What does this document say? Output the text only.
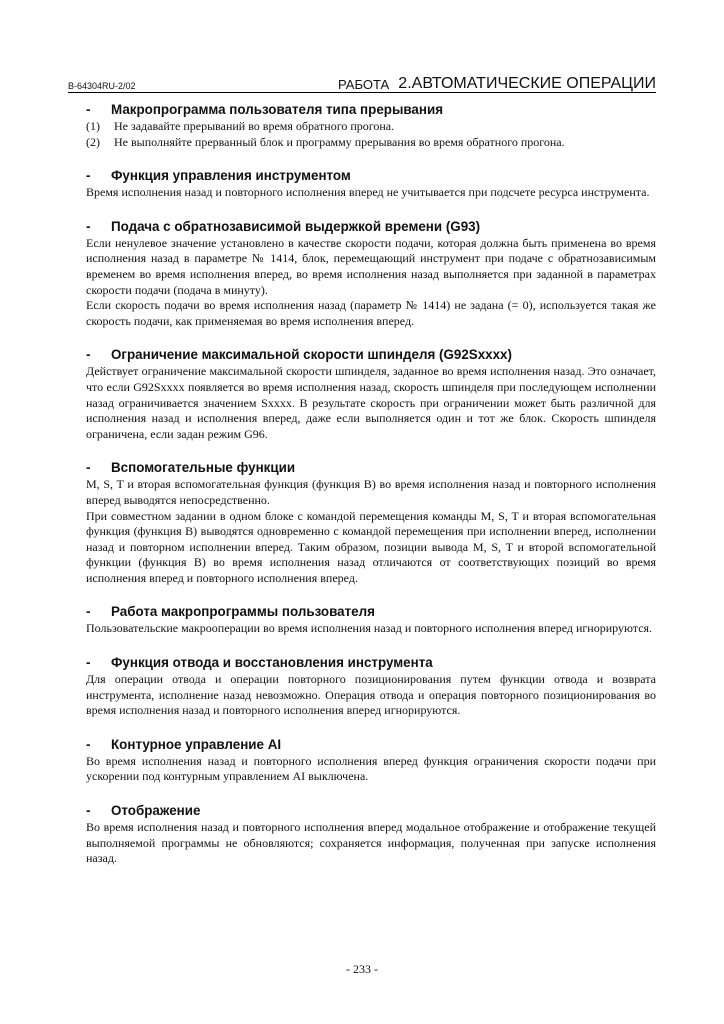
B-64304RU-2/02	РАБОТА 2.АВТОМАТИЧЕСКИЕ ОПЕРАЦИИ
- Макропрограмма пользователя типа прерывания
(1) Не задавайте прерываний во время обратного прогона.
(2) Не выполняйте прерванный блок и программу прерывания во время обратного прогона.
- Функция управления инструментом

Время исполнения назад и повторного исполнения вперед не учитывается при подсчете ресурса инструмента.

- Подача с обратнозависимой выдержкой времени (G93)

Если ненулевое значение установлено в качестве скорости подачи, которая должна быть применена во время исполнения назад в параметре № 1414, блок, перемещающий инструмент при подаче с обратнозависимым временем во время исполнения вперед, во время исполнения назад выполняется при заданной в параметрах скорости подачи (подача в минуту).

Если скорость подачи во время исполнения назад (параметр № 1414) не задана (= 0), используется такая же скорость подачи, как применяемая во время исполнения вперед.

- Ограничение максимальной скорости шпинделя (G92Sxxxx)

Действует ограничение максимальной скорости шпинделя, заданное во время исполнения назад. Это означает, что если G92Sxxxx появляется во время исполнения назад, скорость шпинделя при последующем исполнении назад ограничивается значением Sxxxx. В результате скорость при ограничении может быть различной для исполнения назад и исполнения вперед, даже если выполняется один и тот же блок. Скорость шпинделя ограничена, если задан режим G96.

- Вспомогательные функции

M, S, T и вторая вспомогательная функция (функция B) во время исполнения назад и повторного исполнения вперед выводятся непосредственно.

При совместном задании в одном блоке с командой перемещения команды M, S, T и вторая вспомогательная функция (функция B) выводятся одновременно с командой перемещения при исполнении вперед, исполнении назад и повторном исполнении вперед. Таким образом, позиции вывода M, S, T и второй вспомогательной функции (функция B) во время исполнения назад отличаются от соответствующих позиций во время исполнения вперед и повторного исполнения вперед.

- Работа макропрограммы пользователя

Пользовательские макрооперации во время исполнения назад и повторного исполнения вперед игнорируются.

- Функция отвода и восстановления инструмента

Для операции отвода и операции повторного позиционирования путем функции отвода и возврата инструмента, исполнение назад невозможно. Операция отвода и операция повторного позиционирования во время исполнения назад и повторного исполнения вперед игнорируются.

- Контурное управление AI

Во время исполнения назад и повторного исполнения вперед функция ограничения скорости подачи при ускорении под контурным управлением AI выключена.

- Отображение

Во время исполнения назад и повторного исполнения вперед модальное отображение и отображение текущей выполняемой программы не обновляются; сохраняется информация, полученная при запуске исполнения назад.

- 233 -
